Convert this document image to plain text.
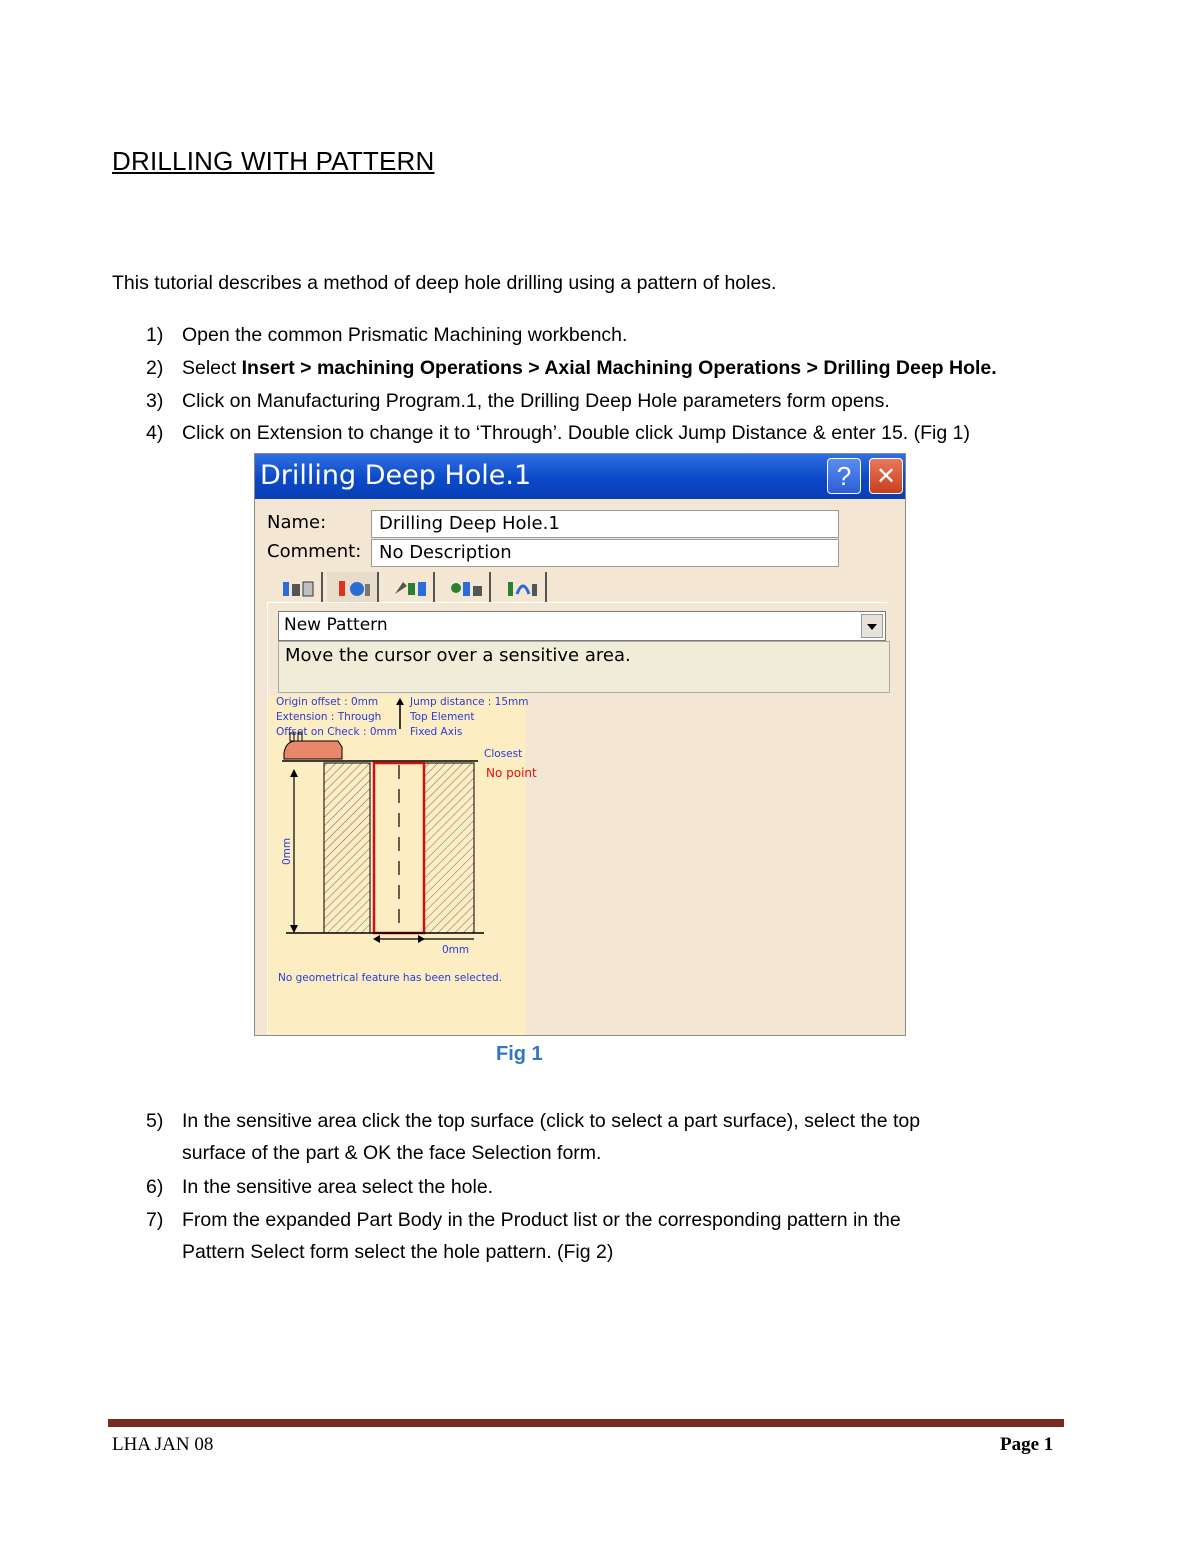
DRILLING WITH PATTERN
This tutorial describes a method of deep hole drilling using a pattern of holes.
1) Open the common Prismatic Machining workbench.
2) Select Insert > machining Operations > Axial Machining Operations > Drilling Deep Hole.
3) Click on Manufacturing Program.1, the Drilling Deep Hole parameters form opens.
4) Click on Extension to change it to ‘Through’. Double click Jump Distance & enter 15. (Fig 1)
Drilling Deep Hole.1	?	✕
Name:	Drilling Deep Hole.1
Comment: No Description
New Pattern
Move the cursor over a sensitive area.
Origin offset : 0mm
Extension : Through
Offset on Check : 0mm
Jump distance : 15mm
Top Element
Fixed Axis
Closest
No point
0mm
0mm
No geometrical feature has been selected.
Fig 1
5) In the sensitive area click the top surface (click to select a part surface), select the top
surface of the part & OK the face Selection form.
6) In the sensitive area select the hole.
7) From the expanded Part Body in the Product list or the corresponding pattern in the
Pattern Select form select the hole pattern. (Fig 2)
LHA JAN 08	Page 1
